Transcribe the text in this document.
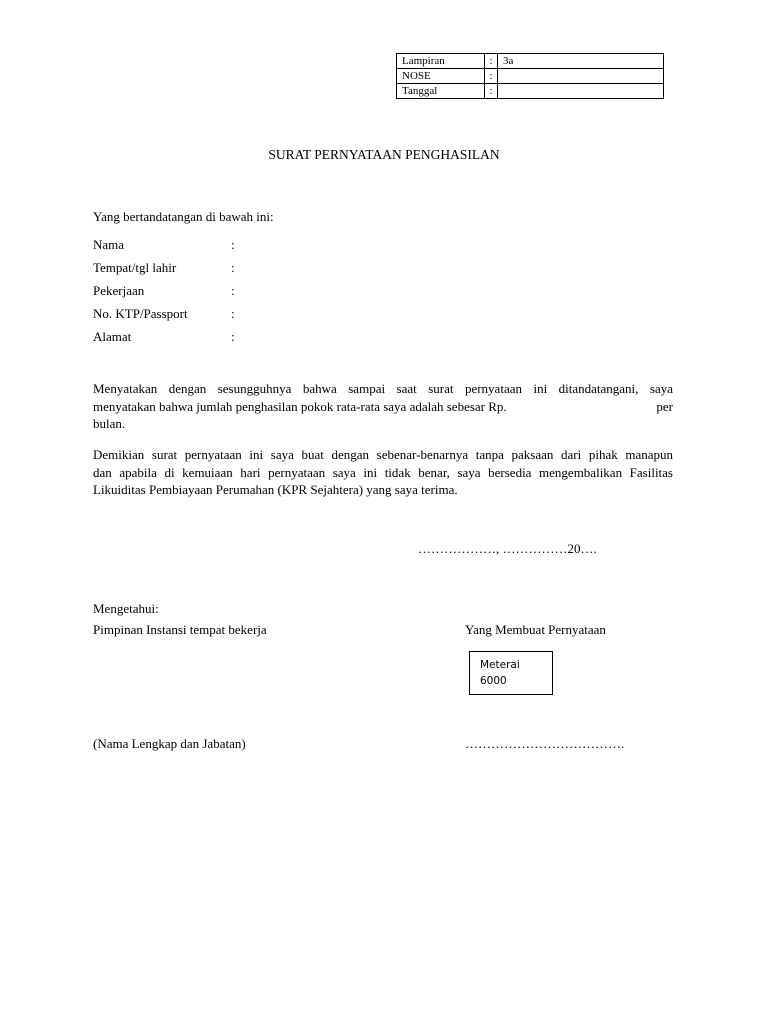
Lampiran	:	3a
NOSE	:	
Tanggal	:	
SURAT PERNYATAAN PENGHASILAN
Yang bertandatangan di bawah ini:
Nama	:
Tempat/tgl lahir	:
Pekerjaan	:
No. KTP/Passport	:
Alamat	:

Menyatakan dengan sesungguhnya bahwa sampai saat surat pernyataan ini ditandatangani, saya

menyatakan bahwa jumlah penghasilan pokok rata-rata saya adalah sebesar Rp.	per

bulan.

Demikian surat pernyataan ini saya buat dengan sebenar-benarnya tanpa paksaan dari pihak manapun

dan apabila di kemuiaan hari pernyataan saya ini tidak benar, saya bersedia mengembalikan Fasilitas

Likuiditas Pembiayaan Perumahan (KPR Sejahtera) yang saya terima.

………………, ……………20….
Mengetahui:
Pimpinan Instansi tempat bekerja	Yang Membuat Pernyataan
Meterai
6000
(Nama Lengkap dan Jabatan)	……………………………….
